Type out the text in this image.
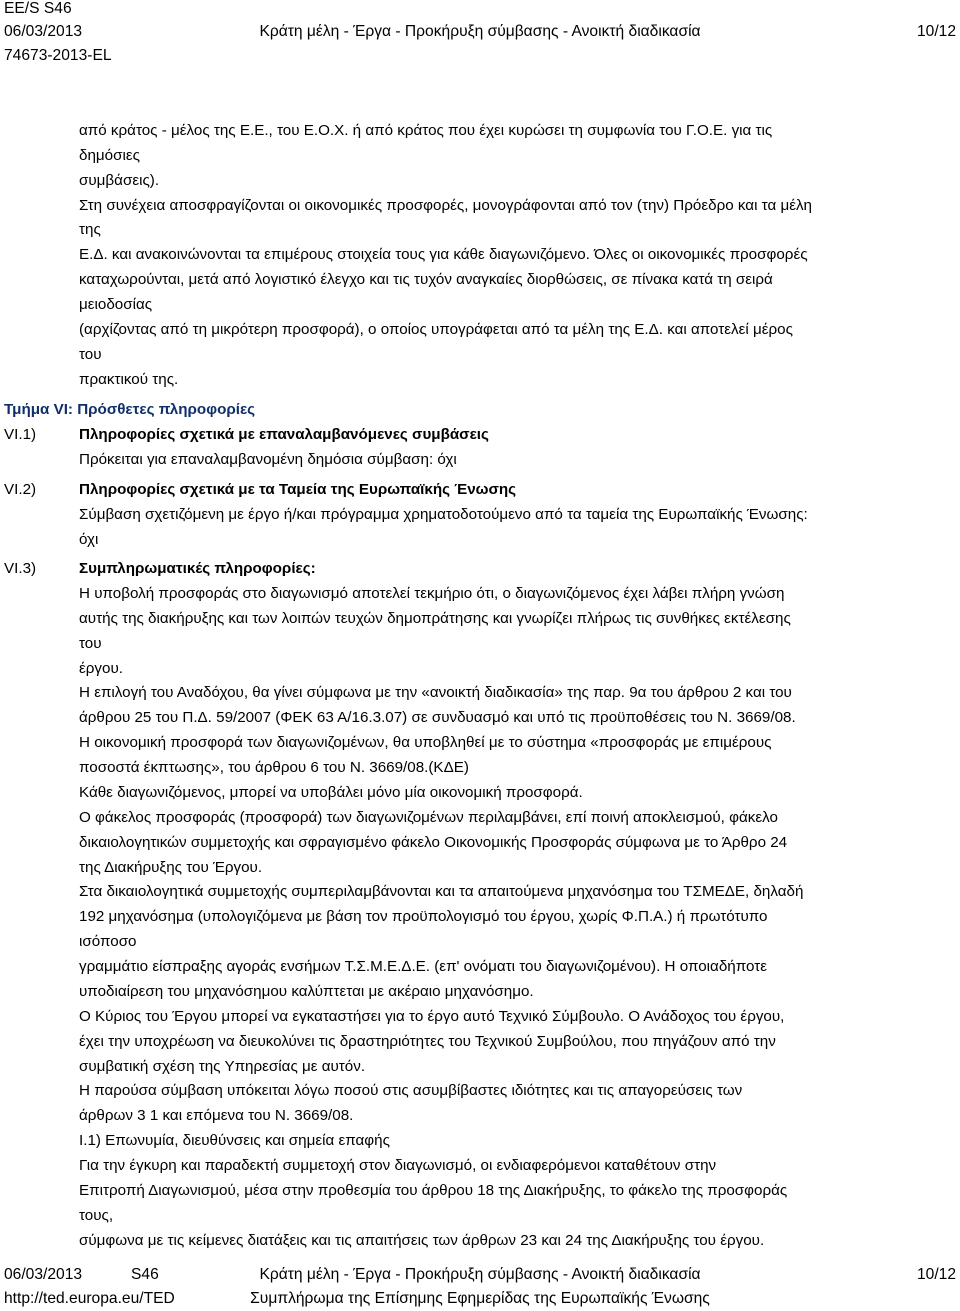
EE/S S46
06/03/2013	Κράτη μέλη - Έργα - Προκήρυξη σύμβασης - Ανοικτή διαδικασία	10/12
74673-2013-EL
από κράτος - μέλος της Ε.Ε., του Ε.Ο.Χ. ή από κράτος που έχει κυρώσει τη συμφωνία του Γ.Ο.Ε. για τις
δημόσιες
συμβάσεις).
Στη συνέχεια αποσφραγίζονται οι οικονομικές προσφορές, μονογράφονται από τον (την) Πρόεδρο και τα μέλη
της
Ε.Δ. και ανακοινώνονται τα επιμέρους στοιχεία τους για κάθε διαγωνιζόμενο. Όλες οι οικονομικές προσφορές
καταχωρούνται, μετά από λογιστικό έλεγχο και τις τυχόν αναγκαίες διορθώσεις, σε πίνακα κατά τη σειρά
μειοδοσίας
(αρχίζοντας από τη μικρότερη προσφορά), ο οποίος υπογράφεται από τα μέλη της Ε.Δ. και αποτελεί μέρος
του
πρακτικού της.
Τμήμα VI: Πρόσθετες πληροφορίες
VI.1)	Πληροφορίες σχετικά με επαναλαμβανόμενες συμβάσεις
Πρόκειται για επαναλαμβανομένη δημόσια σύμβαση: όχι
VI.2)	Πληροφορίες σχετικά με τα Ταμεία της Ευρωπαϊκής Ένωσης
Σύμβαση σχετιζόμενη με έργο ή/και πρόγραμμα χρηματοδοτούμενο από τα ταμεία της Ευρωπαϊκής Ένωσης:
όχι
VI.3)	Συμπληρωματικές πληροφορίες:
Η υποβολή προσφοράς στο διαγωνισμό αποτελεί τεκμήριο ότι, ο διαγωνιζόμενος έχει λάβει πλήρη γνώση
αυτής της διακήρυξης και των λοιπών τευχών δημοπράτησης και γνωρίζει πλήρως τις συνθήκες εκτέλεσης
του
έργου.
Η επιλογή του Αναδόχου, θα γίνει σύμφωνα με την «ανοικτή διαδικασία» της παρ. 9α του άρθρου 2 και του
άρθρου 25 του Π.Δ. 59/2007 (ΦΕΚ 63 Α/16.3.07) σε συνδυασμό και υπό τις προϋποθέσεις του Ν. 3669/08.
Η οικονομική προσφορά των διαγωνιζομένων, θα υποβληθεί με το σύστημα «προσφοράς με επιμέρους
ποσοστά έκπτωσης», του άρθρου 6 του Ν. 3669/08.(ΚΔΕ)
Κάθε διαγωνιζόμενος, μπορεί να υποβάλει μόνο μία οικονομική προσφορά.
Ο φάκελος προσφοράς (προσφορά) των διαγωνιζομένων περιλαμβάνει, επί ποινή αποκλεισμού, φάκελο
δικαιολογητικών συμμετοχής και σφραγισμένο φάκελο Οικονομικής Προσφοράς σύμφωνα με το Άρθρο 24
της Διακήρυξης του Έργου.
Στα δικαιολογητικά συμμετοχής συμπεριλαμβάνονται και τα απαιτούμενα μηχανόσημα του ΤΣΜΕΔΕ, δηλαδή
192 μηχανόσημα (υπολογιζόμενα με βάση τον προϋπολογισμό του έργου, χωρίς Φ.Π.Α.) ή πρωτότυπο
ισόποσο
γραμμάτιο είσπραξης αγοράς ενσήμων Τ.Σ.Μ.Ε.Δ.Ε. (επ' ονόματι του διαγωνιζομένου). Η οποιαδήποτε
υποδιαίρεση του μηχανόσημου καλύπτεται με ακέραιο μηχανόσημο.
Ο Κύριος του Έργου μπορεί να εγκαταστήσει για το έργο αυτό Τεχνικό Σύμβουλο. Ο Ανάδοχος του έργου,
έχει την υποχρέωση να διευκολύνει τις δραστηριότητες του Τεχνικού Συμβούλου, που πηγάζουν από την
συμβατική σχέση της Υπηρεσίας με αυτόν.
Η παρούσα σύμβαση υπόκειται λόγω ποσού στις ασυμβίβαστες ιδιότητες και τις απαγορεύσεις των
άρθρων 3 1 και επόμενα του Ν. 3669/08.
Ι.1) Επωνυμία, διευθύνσεις και σημεία επαφής
Για την έγκυρη και παραδεκτή συμμετοχή στον διαγωνισμό, οι ενδιαφερόμενοι καταθέτουν στην
Επιτροπή Διαγωνισμού, μέσα στην προθεσμία του άρθρου 18 της Διακήρυξης, το φάκελο της προσφοράς
τους,
σύμφωνα με τις κείμενες διατάξεις και τις απαιτήσεις των άρθρων 23 και 24 της Διακήρυξης του έργου.
06/03/2013	S46	Κράτη μέλη - Έργα - Προκήρυξη σύμβασης - Ανοικτή διαδικασία	10/12
http://ted.europa.eu/TED	Συμπλήρωμα της Επίσημης Εφημερίδας της Ευρωπαϊκής Ένωσης
